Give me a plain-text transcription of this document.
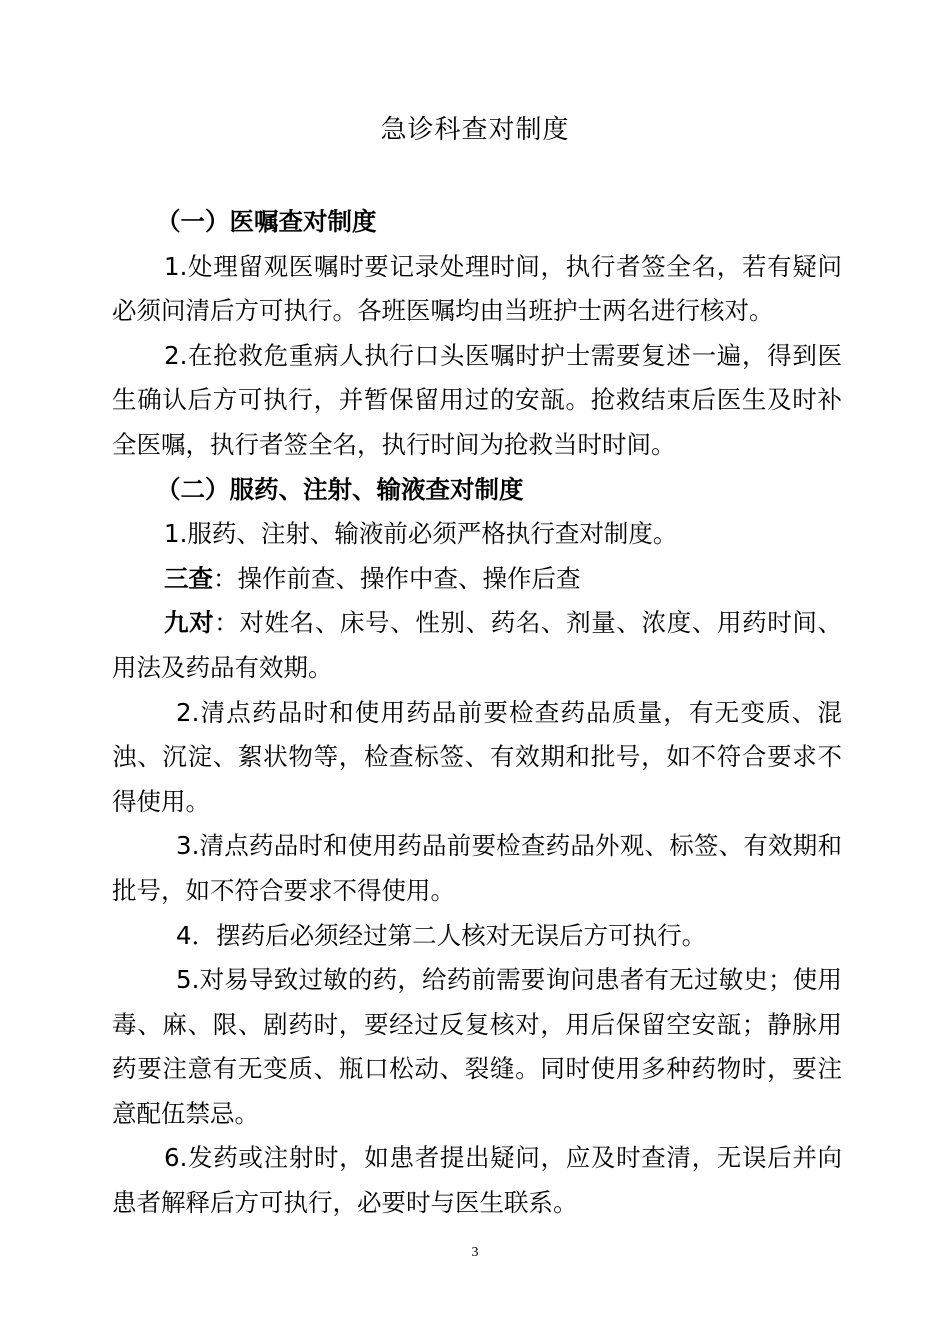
急诊科查对制度

（一）医嘱查对制度

1.处理留观医嘱时要记录处理时间，执行者签全名，若有疑问必须问清后方可执行。各班医嘱均由当班护士两名进行核对。

2.在抢救危重病人执行口头医嘱时护士需要复述一遍，得到医生确认后方可执行，并暂保留用过的安瓿。抢救结束后医生及时补全医嘱，执行者签全名，执行时间为抢救当时时间。

（二）服药、注射、输液查对制度

1.服药、注射、输液前必须严格执行查对制度。

三查：操作前查、操作中查、操作后查

九对：对姓名、床号、性别、药名、剂量、浓度、用药时间、用法及药品有效期。

2.清点药品时和使用药品前要检查药品质量，有无变质、混浊、沉淀、絮状物等，检查标签、有效期和批号，如不符合要求不得使用。

3.清点药品时和使用药品前要检查药品外观、标签、有效期和批号，如不符合要求不得使用。

4．摆药后必须经过第二人核对无误后方可执行。

5.对易导致过敏的药，给药前需要询问患者有无过敏史；使用毒、麻、限、剧药时，要经过反复核对，用后保留空安瓿；静脉用药要注意有无变质、瓶口松动、裂缝。同时使用多种药物时，要注意配伍禁忌。

6.发药或注射时，如患者提出疑问，应及时查清，无误后并向患者解释后方可执行，必要时与医生联系。

3
